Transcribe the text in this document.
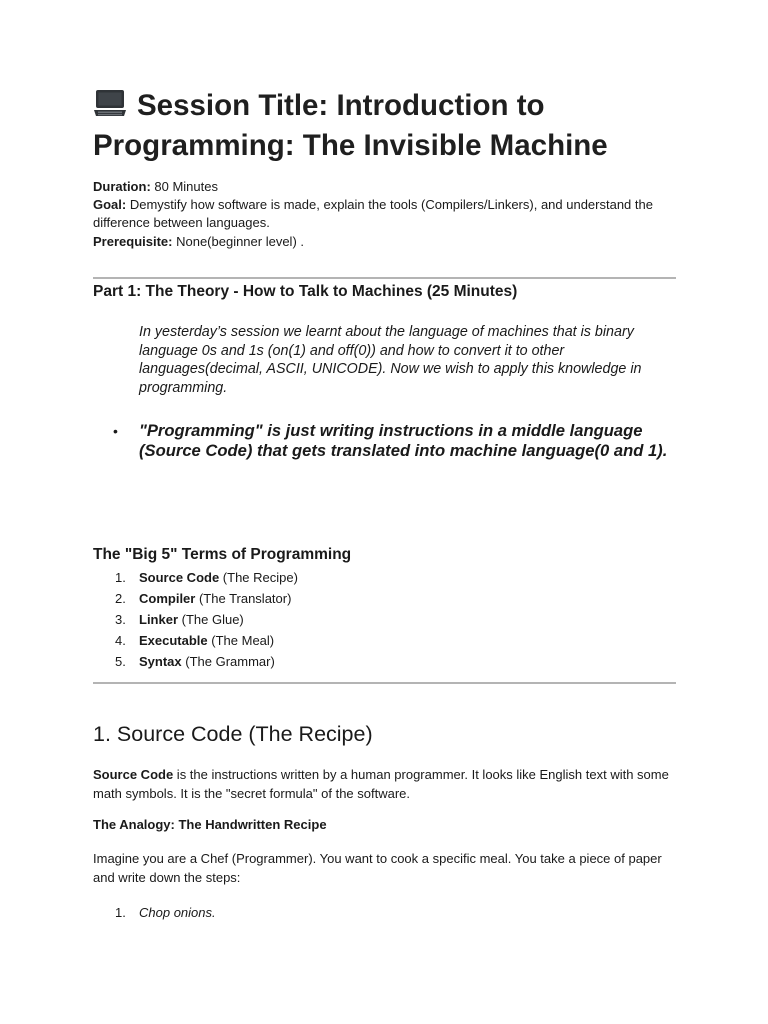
Session Title: Introduction to Programming: The Invisible Machine

Duration: 80 Minutes

Goal: Demystify how software is made, explain the tools (Compilers/Linkers), and understand the difference between languages.

Prerequisite: None(beginner level) .

Part 1: The Theory - How to Talk to Machines (25 Minutes)

In yesterday’s session we learnt about the language of machines that is binary language 0s and 1s (on(1) and off(0)) and how to convert it to other languages(decimal, ASCII, UNICODE). Now we wish to apply this knowledge in programming.

• "Programming" is just writing instructions in a middle language (Source Code) that gets translated into machine language(0 and 1).
The "Big 5" Terms of Programming
1. Source Code (The Recipe)
2. Compiler (The Translator)
3. Linker (The Glue)
4. Executable (The Meal)
5. Syntax (The Grammar)
1. Source Code (The Recipe)

Source Code is the instructions written by a human programmer. It looks like English text with some math symbols. It is the "secret formula" of the software.

The Analogy: The Handwritten Recipe

Imagine you are a Chef (Programmer). You want to cook a specific meal. You take a piece of paper and write down the steps:

1. Chop onions.
